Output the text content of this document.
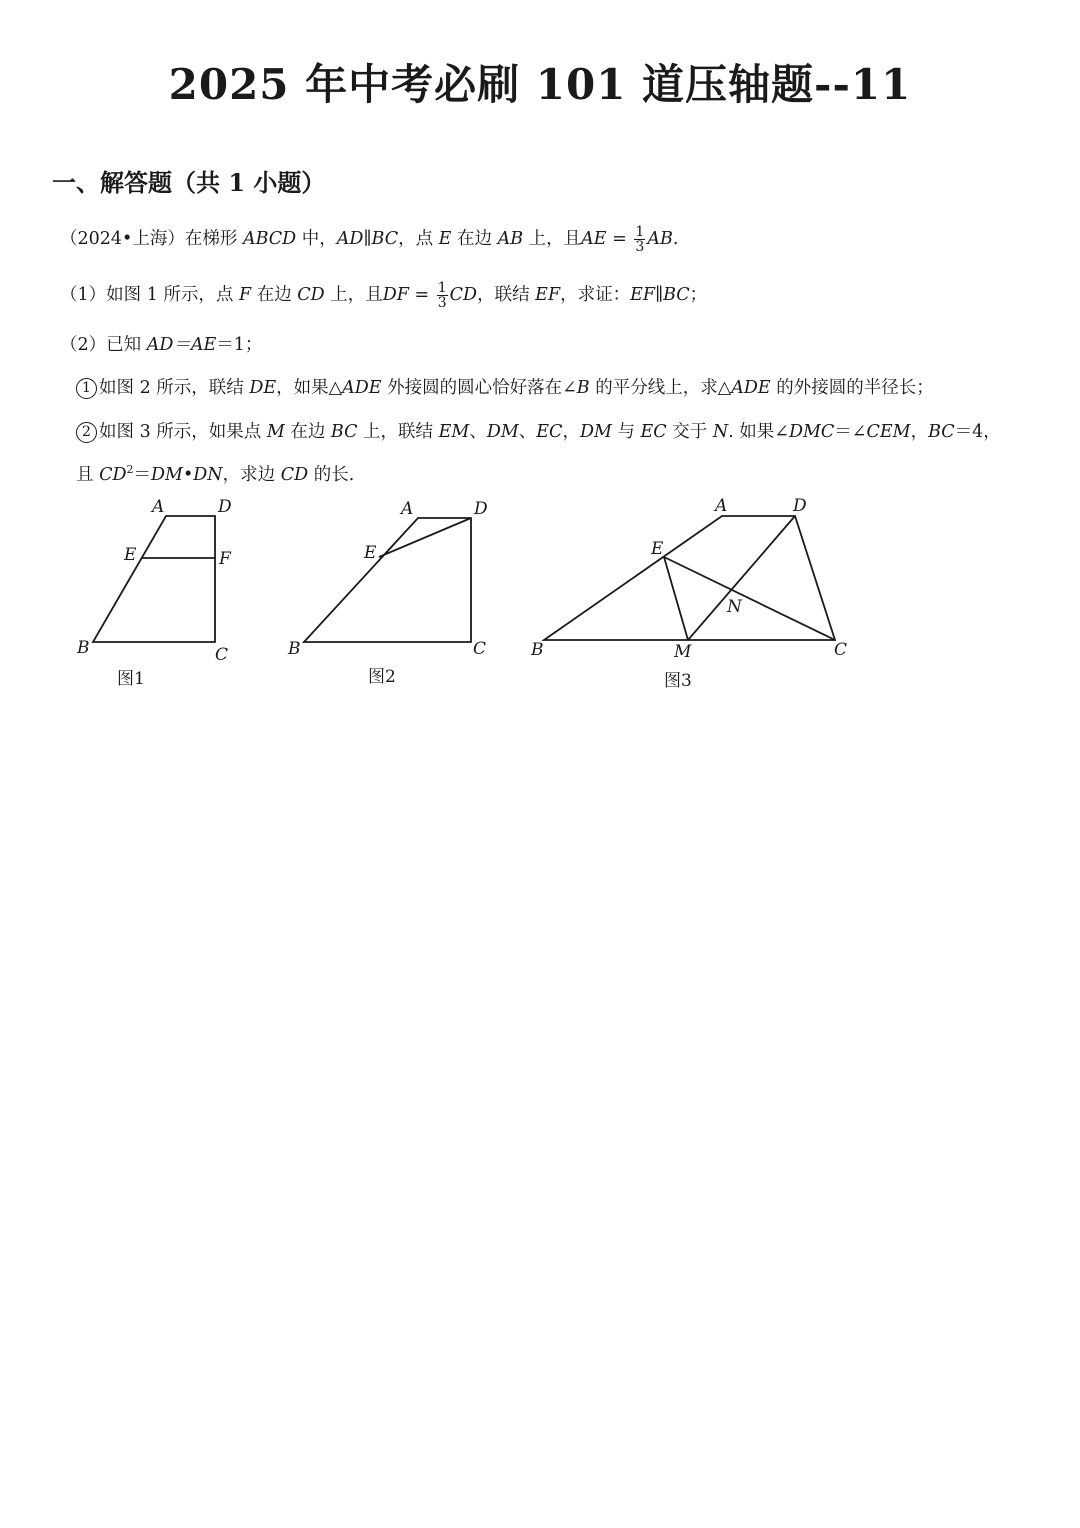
2025 年中考必刷 101 道压轴题--11
一、解答题（共 1 小题）
（2024•上海）在梯形 ABCD 中，AD∥BC，点 E 在边 AB 上，且AE = $\frac{1}{3}$ AB.
（1）如图 1 所示，点 F 在边 CD 上，且DF = $\frac{1}{3}$ CD，联结 EF，求证：EF∥BC；
（2）已知 AD＝AE＝1；
1 如图 2 所示，联结 DE，如果△ADE 外接圆的圆心恰好落在∠B 的平分线上，求△ADE 的外接圆的半径长；
2 如图 3 所示，如果点 M 在边 BC 上，联结 EM、DM、EC，DM 与 EC 交于 N. 如果∠DMC＝∠CEM，BC＝4，
且 $CD^2=DM•DN$，求边 CD 的长.
A	D
E	F
B	C
图1
A	D
E
B	C
图2
A	D
E
N
B	M	C
图3
